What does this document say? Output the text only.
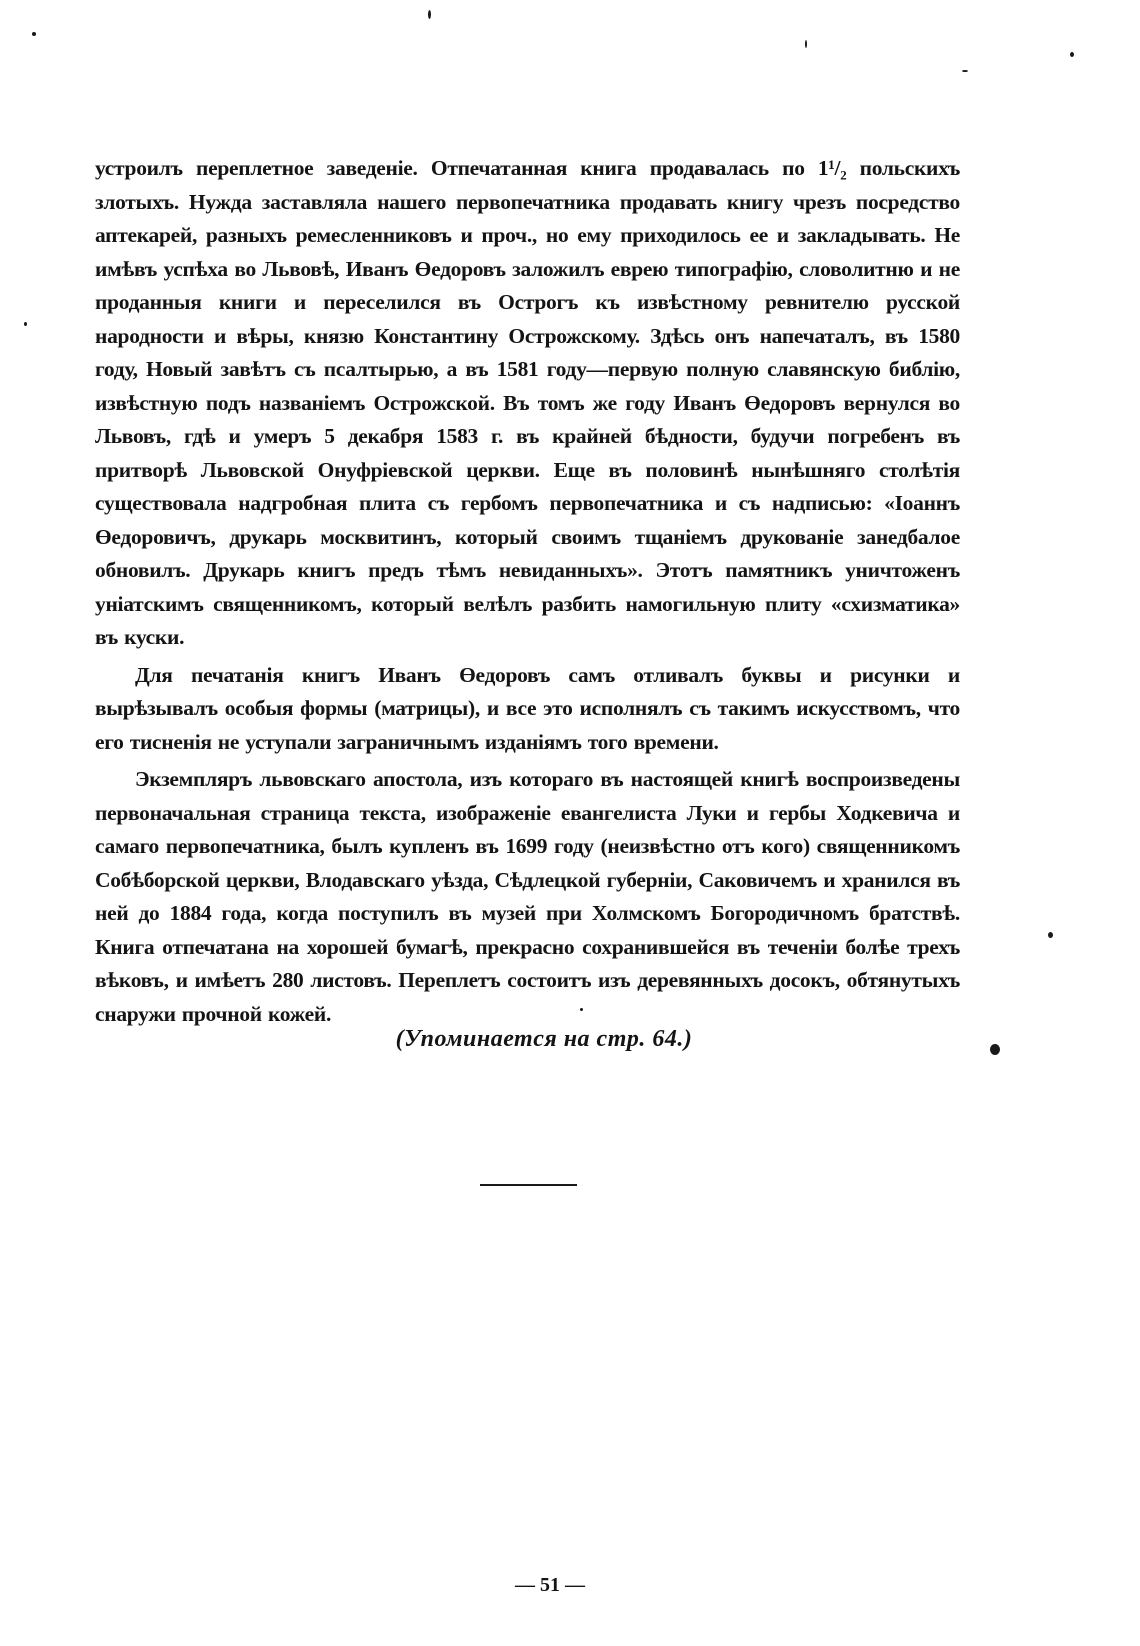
устроилъ переплетное заведеніе. Отпечатанная книга продавалась по 1¹/₂ польскихъ злотыхъ. Нужда заставляла нашего первопечатника продавать книгу чрезъ посредство аптекарей, разныхъ ремесленниковъ и проч., но ему приходилось ее и закладывать. Не имѣвъ успѣха во Львовѣ, Иванъ Өедоровъ заложилъ еврею типографію, словолитню и не проданныя книги и переселился въ Острогъ къ извѣстному ревнителю русской народности и вѣры, князю Константину Острожскому. Здѣсь онъ напечаталъ, въ 1580 году, Новый завѣтъ съ псалтырью, а въ 1581 году—первую полную славянскую библію, извѣстную подъ названіемъ Острожской. Въ томъ же году Иванъ Өедоровъ вернулся во Львовъ, гдѣ и умеръ 5 декабря 1583 г. въ крайней бѣдности, будучи погребенъ въ притворѣ Львовской Онуфріевской церкви. Еще въ половинѣ нынѣшняго столѣтія существовала надгробная плита съ гербомъ первопечатника и съ надписью: «Іоаннъ Өедоровичъ, друкарь москвитинъ, который своимъ тщаніемъ друкованіе занедбалое обновилъ. Друкарь книгъ предъ тѣмъ невиданныхъ». Этотъ памятникъ уничтоженъ уніатскимъ священникомъ, который велѣлъ разбить намогильную плиту «схизматика» въ куски.

Для печатанія книгъ Иванъ Өедоровъ самъ отливалъ буквы и рисунки и вырѣзывалъ особыя формы (матрицы), и все это исполнялъ съ такимъ искусствомъ, что его тисненія не уступали заграничнымъ изданіямъ того времени.

Экземпляръ львовскаго апостола, изъ котораго въ настоящей книгѣ воспроизведены первоначальная страница текста, изображеніе евангелиста Луки и гербы Ходкевича и самаго первопечатника, былъ купленъ въ 1699 году (неизвѣстно отъ кого) священникомъ Собѣборской церкви, Влодавскаго уѣзда, Сѣдлецкой губерніи, Саковичемъ и хранился въ ней до 1884 года, когда поступилъ въ музей при Холмскомъ Богородичномъ братствѣ. Книга отпечатана на хорошей бумагѣ, прекрасно сохранившейся въ теченіи болѣе трехъ вѣковъ, и имѣетъ 280 листовъ. Переплетъ состоитъ изъ деревянныхъ досокъ, обтянутыхъ снаружи прочной кожей.

(Упоминается на стр. 64.)
— 51 —
